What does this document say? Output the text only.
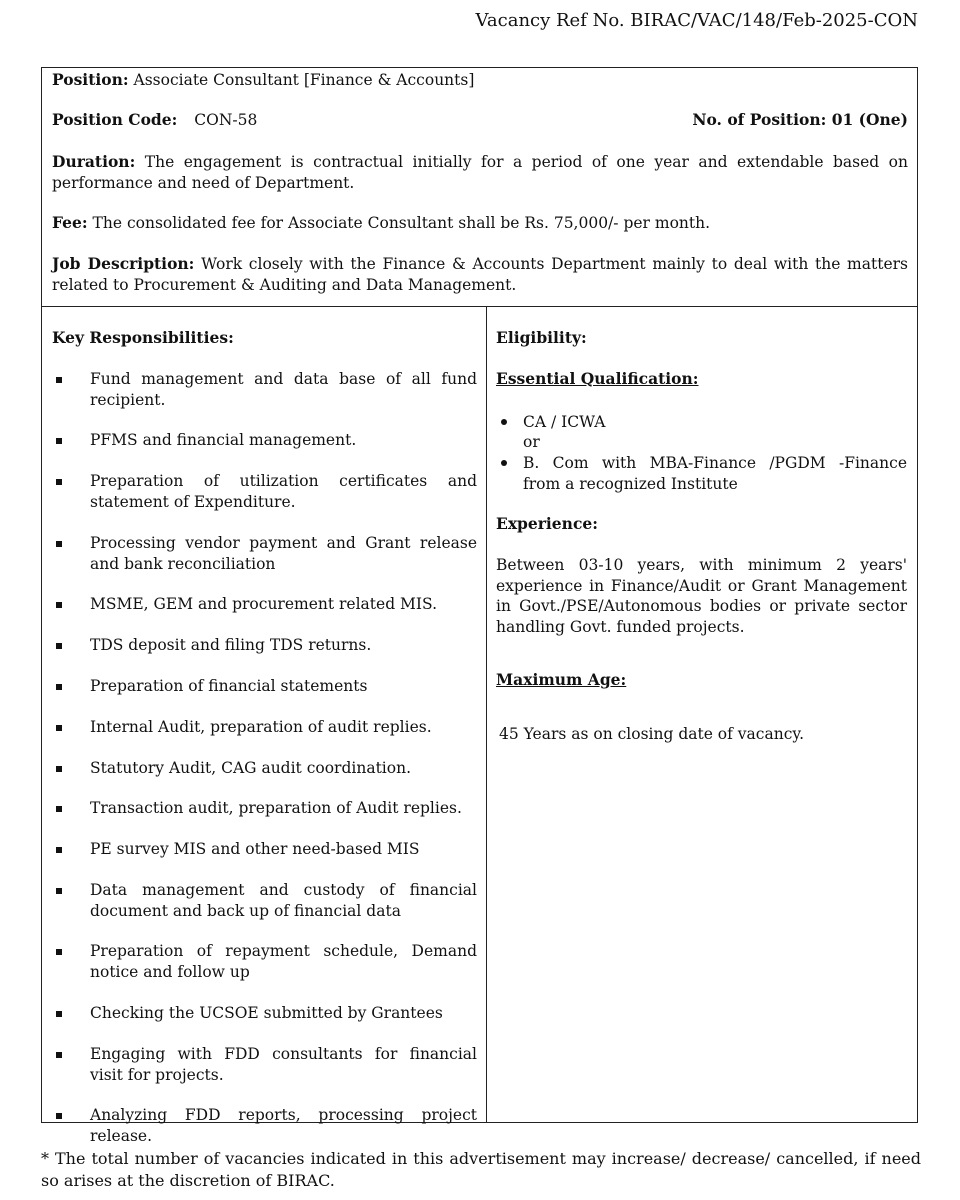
Vacancy Ref No. BIRAC/VAC/148/Feb-2025-CON

Position: Associate Consultant [Finance & Accounts]

Position Code: CON-58	No. of Position: 01 (One)

Duration: The engagement is contractual initially for a period of one year and extendable based on performance and need of Department.

Fee: The consolidated fee for Associate Consultant shall be Rs. 75,000/- per month.

Job Description: Work closely with the Finance & Accounts Department mainly to deal with the matters related to Procurement & Auditing and Data Management.

Key Responsibilities:

Fund management and data base of all fund recipient.
PFMS and financial management.
Preparation of utilization certificates and statement of Expenditure.
Processing vendor payment and Grant release and bank reconciliation
MSME, GEM and procurement related MIS.
TDS deposit and filing TDS returns.
Preparation of financial statements
Internal Audit, preparation of audit replies.
Statutory Audit, CAG audit coordination.
Transaction audit, preparation of Audit replies.
PE survey MIS and other need-based MIS
Data management and custody of financial document and back up of financial data
Preparation of repayment schedule, Demand notice and follow up
Checking the UCSOE submitted by Grantees
Engaging with FDD consultants for financial visit for projects.
Analyzing FDD reports, processing project release.

Eligibility:

Essential Qualification:

CA / ICWA
or
B. Com with MBA-Finance /PGDM -Finance from a recognized Institute

Experience:

Between 03-10 years, with minimum 2 years' experience in Finance/Audit or Grant Management in Govt./PSE/Autonomous bodies or private sector handling Govt. funded projects.

Maximum Age:

45 Years as on closing date of vacancy.

* The total number of vacancies indicated in this advertisement may increase/ decrease/ cancelled, if need so arises at the discretion of BIRAC.
